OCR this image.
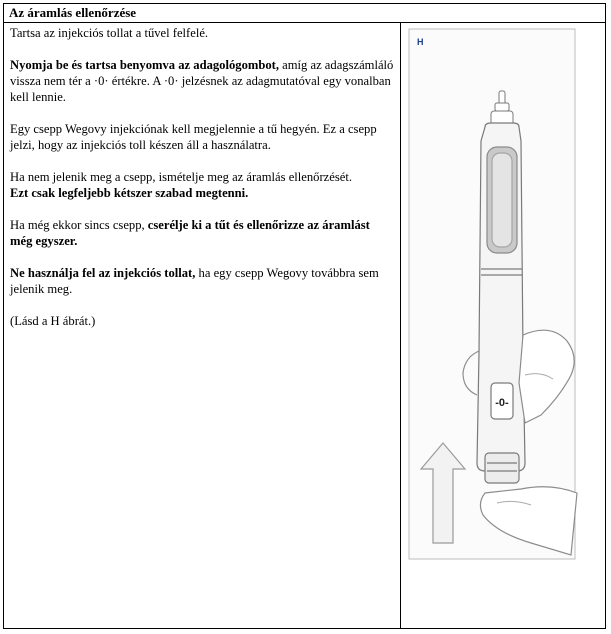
Az áramlás ellenőrzése

Tartsa az injekciós tollat a tűvel felfelé.

Nyomja be és tartsa benyomva az adagológombot, amíg az adagszámláló vissza nem tér a ·0· értékre. A ·0· jelzésnek az adagmutatóval egy vonalban kell lennie.

Egy csepp Wegovy injekciónak kell megjelennie a tű hegyén. Ez a csepp jelzi, hogy az injekciós toll készen áll a használatra.

Ha nem jelenik meg a csepp, ismételje meg az áramlás ellenőrzését.
Ezt csak legfeljebb kétszer szabad megtenni.

Ha még ekkor sincs csepp, cserélje ki a tűt és ellenőrizze az áramlást még egyszer.

Ne használja fel az injekciós tollat, ha egy csepp Wegovy továbbra sem jelenik meg.

(Lásd a H ábrát.)

-0-
H
